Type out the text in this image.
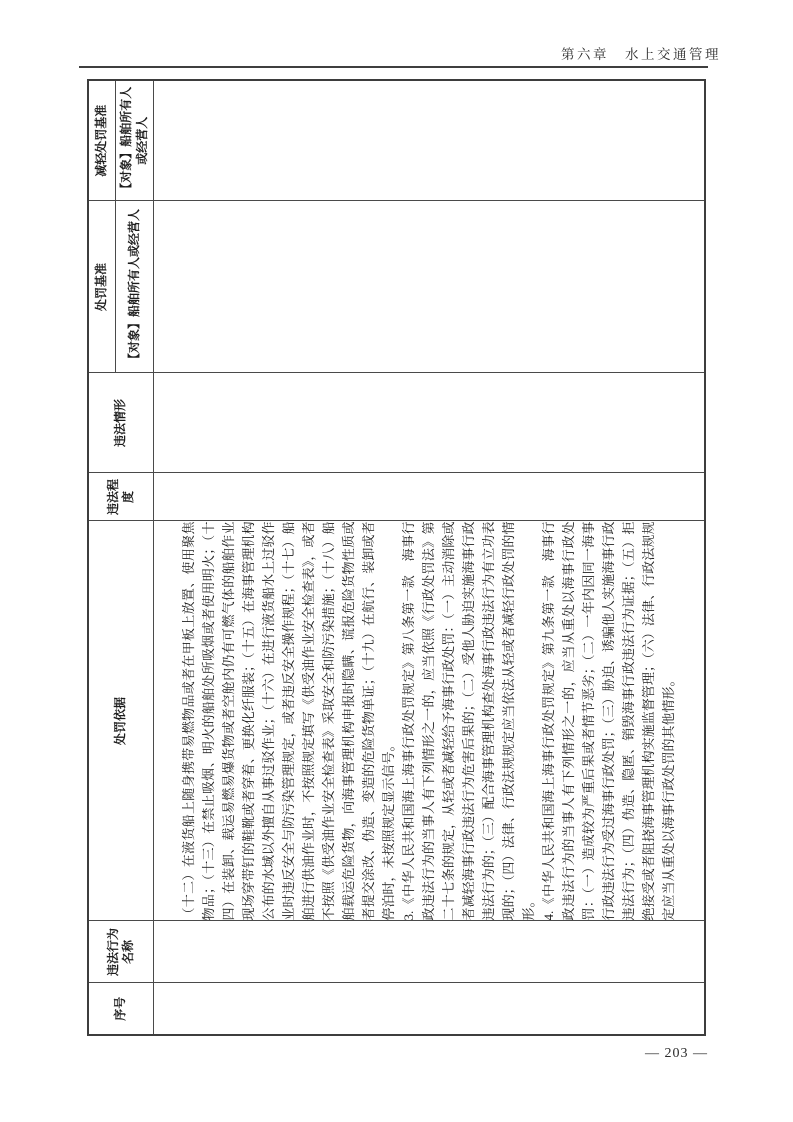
第六章　水上交通管理
序号	违法行为名称	处罚依据	违法程度	违法情形	处罚基准	减轻处罚基准
					【对象】船舶所有人或经营人	【对象】船舶所有人或经营人

		（十二）在液货船上随身携带易燃物品或者在甲板上放置、使用聚焦物品；（十三）在禁止吸烟、明火的船舶处所吸烟或者使用明火；（十四）在装卸、载运易燃易爆货物或者空舱内仍有可燃气体的船舶作业现场穿带钉的鞋靴或者穿着、更换化纤服装；（十五）在海事管理机构公布的水域以外擅自从事过驳作业；（十六）在进行液货船水上过驳作业时违反安全与防污染管理规定，或者违反安全操作规程；（十七）船舶进行供油作业时，不按照规定填写《供受油作业安全检查表》，或者不按照《供受油作业安全检查表》采取安全和防污染措施；（十八）船舶载运危险货物，向海事管理机构申报时隐瞒、谎报危险货物性质或者提交涂改、伪造、变造的危险货物单证；（十九）在航行、装卸或者停泊时，未按照规定显示信号。 3.《中华人民共和国海上海事行政处罚规定》第八条第一款　海事行政违法行为的当事人有下列情形之一的，应当依照《行政处罚法》第二十七条的规定，从轻或者减轻给予海事行政处罚：（一）主动消除或者减轻海事行政违法行为危害后果的；（二）受他人胁迫实施海事行政违法行为的；（三）配合海事管理机构查处海事行政违法行为有立功表现的；（四）法律、行政法规规定应当依法从轻或者减轻行政处罚的情形。 4.《中华人民共和国海上海事行政处罚规定》第九条第一款　海事行政违法行为的当事人有下列情形之一的，应当从重处以海事行政处罚：（一）造成较为严重后果或者情节恶劣；（二）一年内因同一海事行政违法行为受过海事行政处罚；（三）胁迫、诱骗他人实施海事行政违法行为；（四）伪造、隐匿、销毁海事行政违法行为证据；（五）拒绝接受或者阻挠海事管理机构实施监督管理；（六）法律、行政法规规定应当从重处以海事行政处罚的其他情形。				

— 203 —
